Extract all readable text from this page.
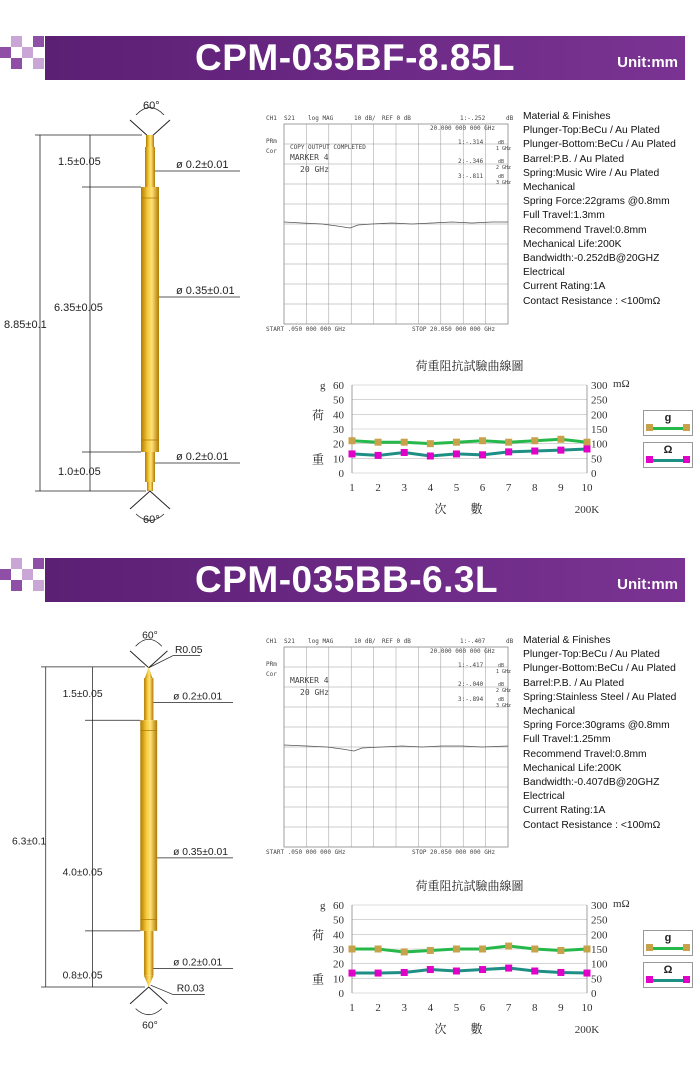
CPM-035BF-8.85L	Unit:mm
60°
60°
8.85±0.1
1.5±0.05
6.35±0.05
1.0±0.05
ø 0.2±0.01
ø 0.35±0.01
ø 0.2±0.01
CH1 S21 log MAG	10 dB/ REF 0 dB	1:-.252	dB
20.000 000 000 GHz
PRm
Cor
COPY OUTPUT COMPLETED
MARKER 4
20 GHz
1:-.314
2:-.346
3:-.811
dB
1 GHz
dB
2 GHz
dB
3 GHz
START .050 000 000 GHz	STOP 20.050 000 000 GHz
Material & Finishes
Plunger-Top:BeCu / Au Plated
Plunger-Bottom:BeCu / Au Plated
Barrel:P.B. / Au Plated
Spring:Music Wire / Au Plated
Mechanical
Spring Force:22grams @0.8mm
Full Travel:1.3mm
Recommend Travel:0.8mm
Mechanical Life:200K
Bandwidth:-0.252dB@20GHZ
Electrical
Current Rating:1A
Contact Resistance : <100mΩ
荷重阻抗試驗曲線圖
0
10
20
30
40
50
60
0
50
100
150
200
250
300
g	mΩ
荷
重
1 2 3 4 5 6 7 8 9 10
次 數	200K
g
Ω
CPM-035BB-6.3L	Unit:mm
60°
R0.05
60°
R0.03
6.3±0.1
1.5±0.05
4.0±0.05
0.8±0.05
ø 0.2±0.01
ø 0.35±0.01
ø 0.2±0.01
CH1 S21 log MAG	10 dB/ REF 0 dB	1:-.407	dB
20.000 000 000 GHz
PRm
Cor
MARKER 4
20 GHz
1:-.417
2:-.040
3:-.894
dB
1 GHz
dB
2 GHz
dB
3 GHz
START .050 000 000 GHz	STOP 20.050 000 000 GHz
Material & Finishes
Plunger-Top:BeCu / Au Plated
Plunger-Bottom:BeCu / Au Plated
Barrel:P.B. / Au Plated
Spring:Stainless Steel / Au Plated
Mechanical
Spring Force:30grams @0.8mm
Full Travel:1.25mm
Recommend Travel:0.8mm
Mechanical Life:200K
Bandwidth:-0.407dB@20GHZ
Electrical
Current Rating:1A
Contact Resistance : <100mΩ
荷重阻抗試驗曲線圖
0
10
20
30
40
50
60
0
50
100
150
200
250
300
g	mΩ
荷
重
1 2 3 4 5 6 7 8 9 10
次 數	200K
g
Ω
